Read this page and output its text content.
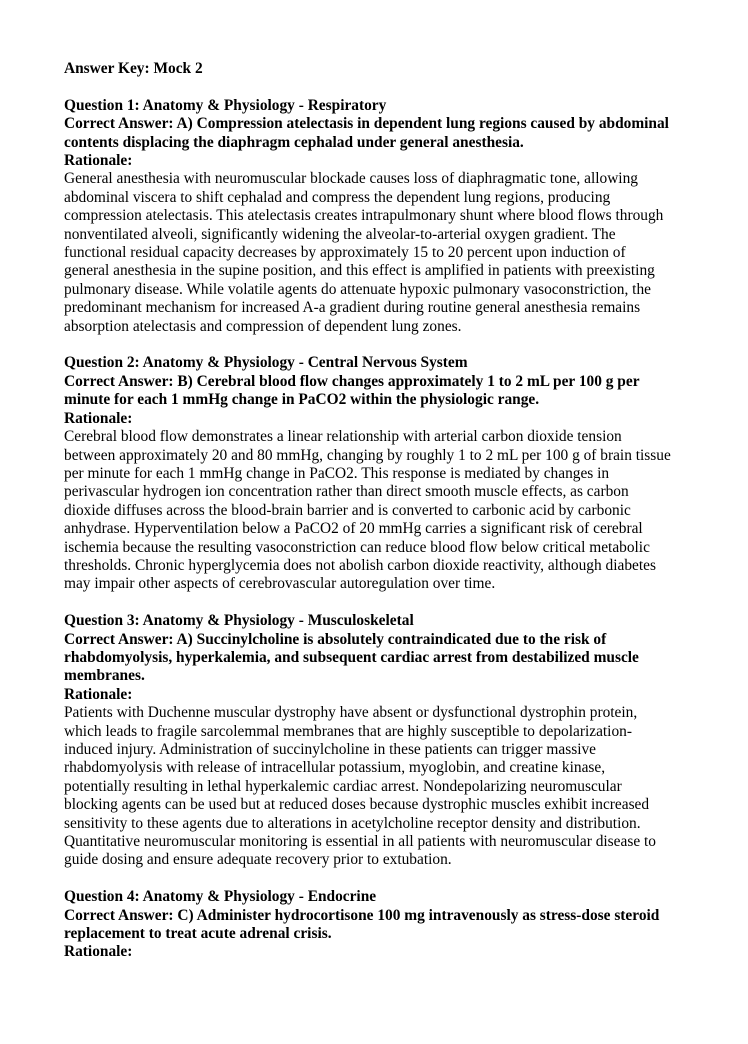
Answer Key: Mock 2

Question 1: Anatomy & Physiology - Respiratory

Correct Answer: A) Compression atelectasis in dependent lung regions caused by abdominal contents displacing the diaphragm cephalad under general anesthesia.

Rationale:

General anesthesia with neuromuscular blockade causes loss of diaphragmatic tone, allowing abdominal viscera to shift cephalad and compress the dependent lung regions, producing compression atelectasis. This atelectasis creates intrapulmonary shunt where blood flows through nonventilated alveoli, significantly widening the alveolar-to-arterial oxygen gradient. The functional residual capacity decreases by approximately 15 to 20 percent upon induction of general anesthesia in the supine position, and this effect is amplified in patients with preexisting pulmonary disease. While volatile agents do attenuate hypoxic pulmonary vasoconstriction, the predominant mechanism for increased A-a gradient during routine general anesthesia remains absorption atelectasis and compression of dependent lung zones.

Question 2: Anatomy & Physiology - Central Nervous System

Correct Answer: B) Cerebral blood flow changes approximately 1 to 2 mL per 100 g per minute for each 1 mmHg change in PaCO2 within the physiologic range.

Rationale:

Cerebral blood flow demonstrates a linear relationship with arterial carbon dioxide tension between approximately 20 and 80 mmHg, changing by roughly 1 to 2 mL per 100 g of brain tissue per minute for each 1 mmHg change in PaCO2. This response is mediated by changes in perivascular hydrogen ion concentration rather than direct smooth muscle effects, as carbon dioxide diffuses across the blood-brain barrier and is converted to carbonic acid by carbonic anhydrase. Hyperventilation below a PaCO2 of 20 mmHg carries a significant risk of cerebral ischemia because the resulting vasoconstriction can reduce blood flow below critical metabolic thresholds. Chronic hyperglycemia does not abolish carbon dioxide reactivity, although diabetes may impair other aspects of cerebrovascular autoregulation over time.

Question 3: Anatomy & Physiology - Musculoskeletal

Correct Answer: A) Succinylcholine is absolutely contraindicated due to the risk of rhabdomyolysis, hyperkalemia, and subsequent cardiac arrest from destabilized muscle membranes.

Rationale:

Patients with Duchenne muscular dystrophy have absent or dysfunctional dystrophin protein, which leads to fragile sarcolemmal membranes that are highly susceptible to depolarization-induced injury. Administration of succinylcholine in these patients can trigger massive rhabdomyolysis with release of intracellular potassium, myoglobin, and creatine kinase, potentially resulting in lethal hyperkalemic cardiac arrest. Nondepolarizing neuromuscular blocking agents can be used but at reduced doses because dystrophic muscles exhibit increased sensitivity to these agents due to alterations in acetylcholine receptor density and distribution. Quantitative neuromuscular monitoring is essential in all patients with neuromuscular disease to guide dosing and ensure adequate recovery prior to extubation.

Question 4: Anatomy & Physiology - Endocrine

Correct Answer: C) Administer hydrocortisone 100 mg intravenously as stress-dose steroid replacement to treat acute adrenal crisis.

Rationale:
